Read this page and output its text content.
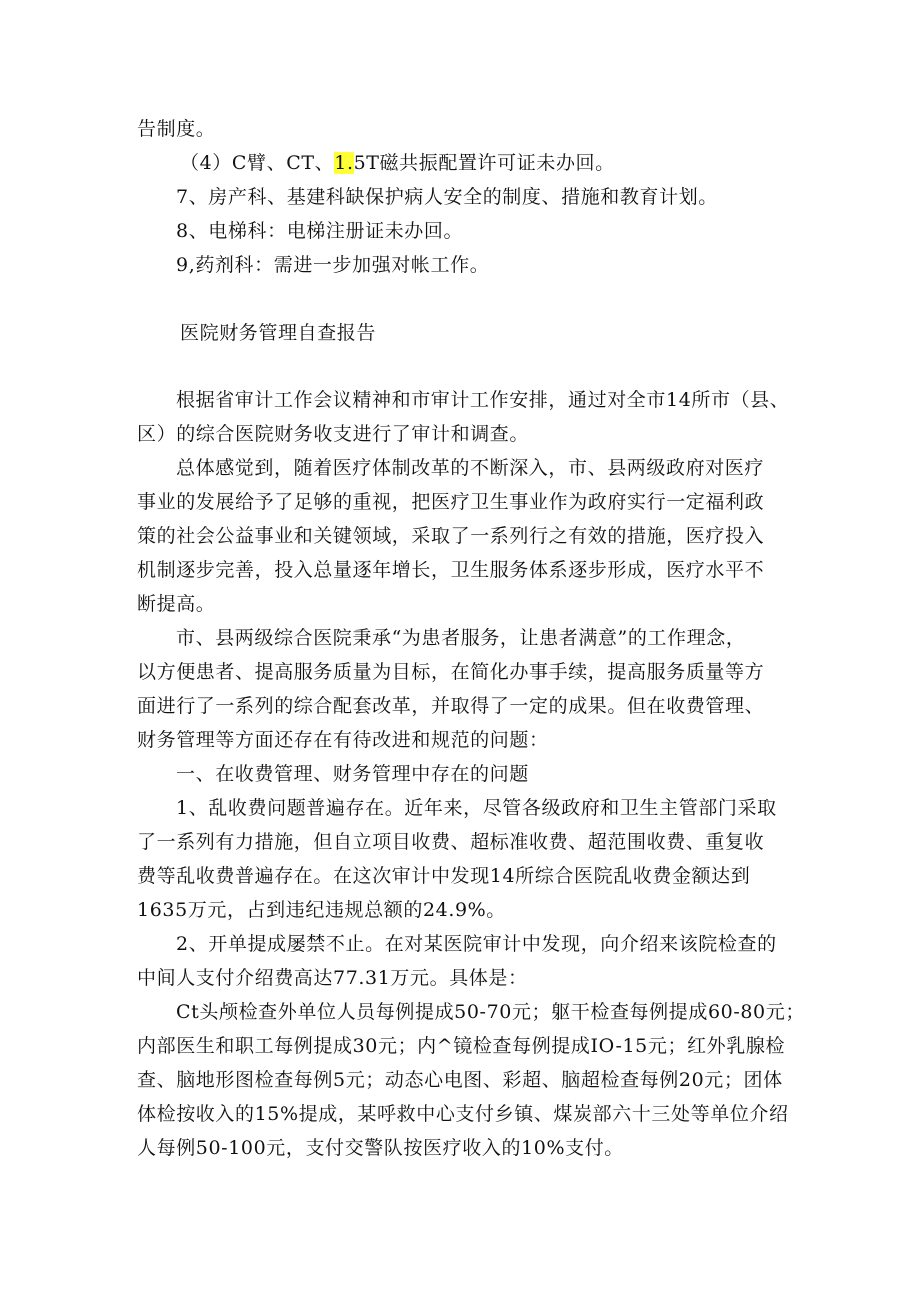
告制度。
（4）C臂、CT、1.5T磁共振配置许可证未办回。
7、房产科、基建科缺保护病人安全的制度、措施和教育计划。
8、电梯科：电梯注册证未办回。
9,药剂科：需进一步加强对帐工作。
医院财务管理自查报告
根据省审计工作会议精神和市审计工作安排，通过对全市14所市（县、
区）的综合医院财务收支进行了审计和调查。
总体感觉到，随着医疗体制改革的不断深入，市、县两级政府对医疗
事业的发展给予了足够的重视，把医疗卫生事业作为政府实行一定福利政
策的社会公益事业和关键领域，采取了一系列行之有效的措施，医疗投入
机制逐步完善，投入总量逐年增长，卫生服务体系逐步形成，医疗水平不
断提高。
市、县两级综合医院秉承“为患者服务，让患者满意”的工作理念，
以方便患者、提高服务质量为目标，在简化办事手续，提高服务质量等方
面进行了一系列的综合配套改革，并取得了一定的成果。但在收费管理、
财务管理等方面还存在有待改进和规范的问题：
一、在收费管理、财务管理中存在的问题
1、乱收费问题普遍存在。近年来，尽管各级政府和卫生主管部门采取
了一系列有力措施，但自立项目收费、超标准收费、超范围收费、重复收
费等乱收费普遍存在。在这次审计中发现14所综合医院乱收费金额达到
1635万元，占到违纪违规总额的24.9%。
2、开单提成屡禁不止。在对某医院审计中发现，向介绍来该院检查的
中间人支付介绍费高达77.31万元。具体是：
Ct头颅检查外单位人员每例提成50-70元；躯干检查每例提成60-80元；
内部医生和职工每例提成30元；内^镜检查每例提成IO-15元；红外乳腺检
查、脑地形图检查每例5元；动态心电图、彩超、脑超检查每例20元；团体
体检按收入的15%提成，某呼救中心支付乡镇、煤炭部六十三处等单位介绍
人每例50-100元，支付交警队按医疗收入的10%支付。
